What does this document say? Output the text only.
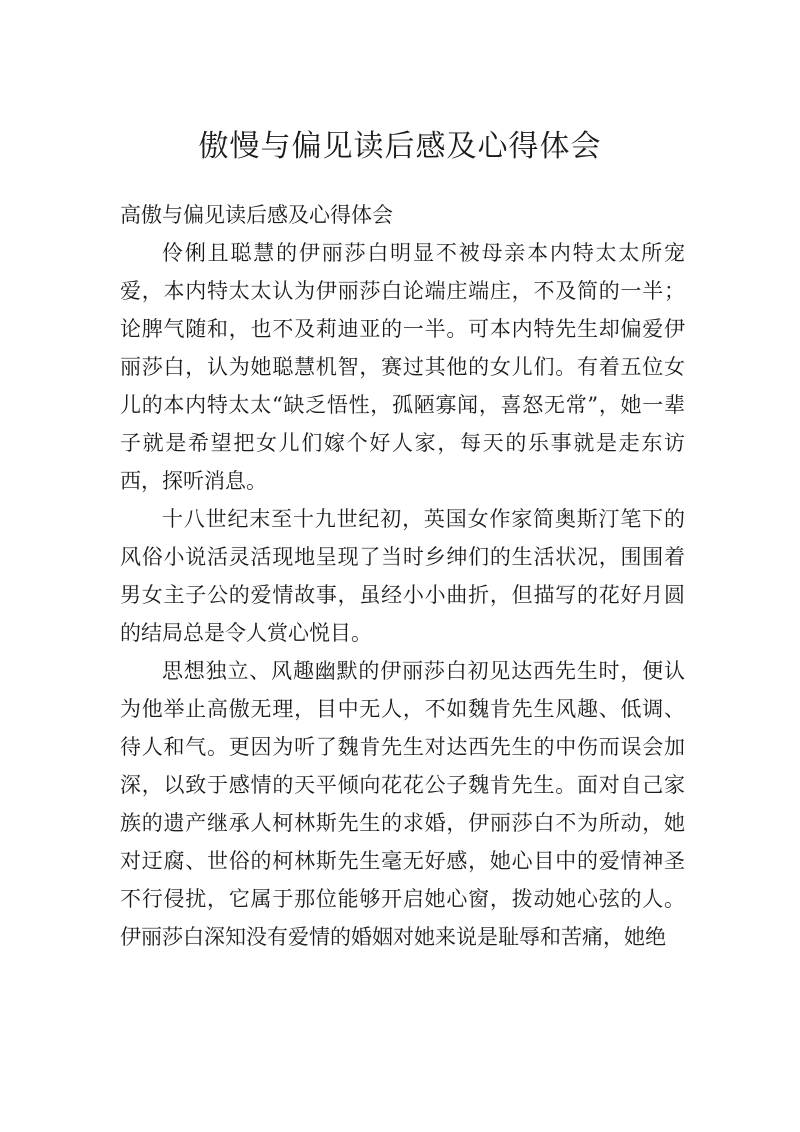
傲慢与偏见读后感及心得体会

高傲与偏见读后感及心得体会

伶俐且聪慧的伊丽莎白明显不被母亲本内特太太所宠爱，本内特太太认为伊丽莎白论端庄端庄，不及简的一半；论脾气随和，也不及莉迪亚的一半。可本内特先生却偏爱伊丽莎白，认为她聪慧机智，赛过其他的女儿们。有着五位女儿的本内特太太“缺乏悟性，孤陋寡闻，喜怒无常”，她一辈子就是希望把女儿们嫁个好人家，每天的乐事就是走东访西，探听消息。

十八世纪末至十九世纪初，英国女作家简奥斯汀笔下的风俗小说活灵活现地呈现了当时乡绅们的生活状况，围围着男女主子公的爱情故事，虽经小小曲折，但描写的花好月圆的结局总是令人赏心悦目。

思想独立、风趣幽默的伊丽莎白初见达西先生时，便认为他举止高傲无理，目中无人，不如魏肯先生风趣、低调、待人和气。更因为听了魏肯先生对达西先生的中伤而误会加深，以致于感情的天平倾向花花公子魏肯先生。面对自己家族的遗产继承人柯林斯先生的求婚，伊丽莎白不为所动，她对迂腐、世俗的柯林斯先生毫无好感，她心目中的爱情神圣不行侵扰，它属于那位能够开启她心窗，拨动她心弦的人。伊丽莎白深知没有爱情的婚姻对她来说是耻辱和苦痛，她绝
